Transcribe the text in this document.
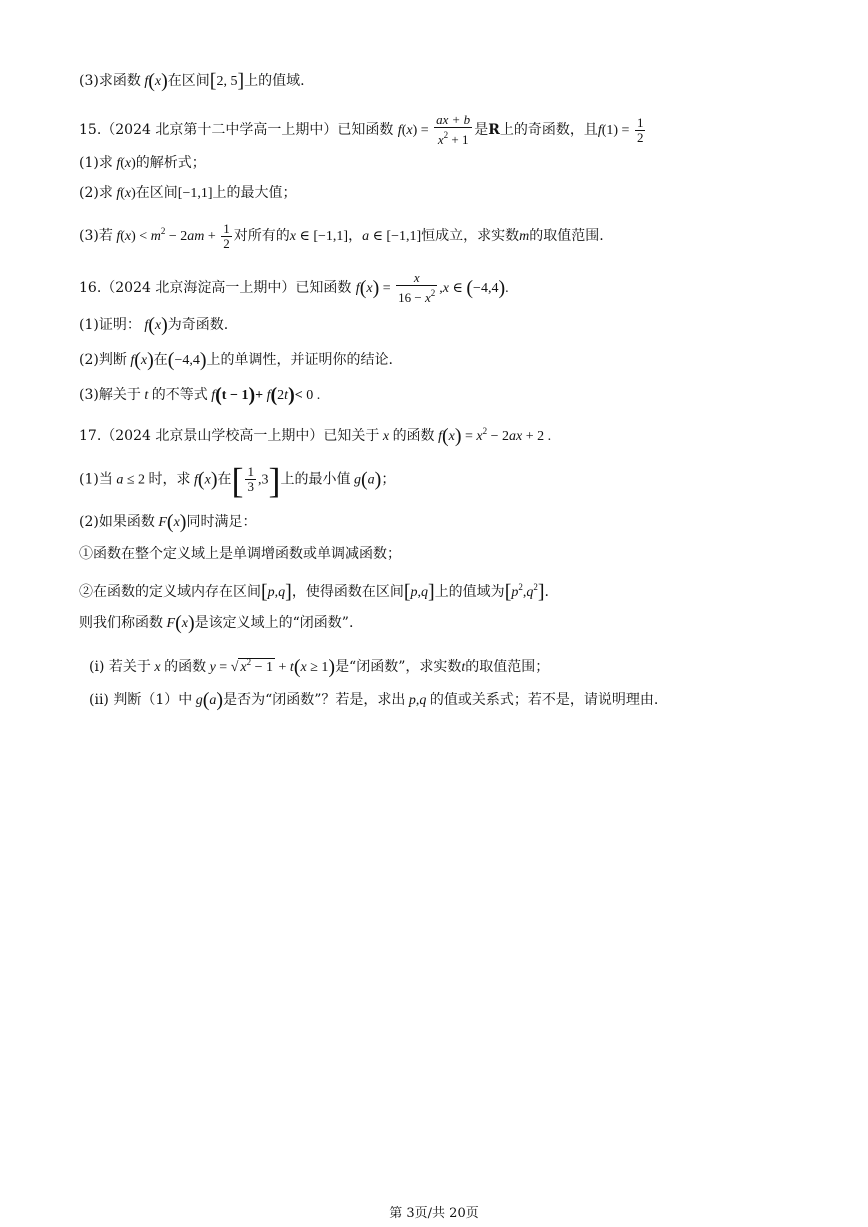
(3)求函数 f(x)在区间[2, 5]上的值域.
15.（2024 北京第十二中学高一上期中）已知函数 $f(x) = \frac{ax + b}{x^2 + 1}$ 是R上的奇函数，且$f(1) = \frac{1}{2}$
(1)求 f(x)的解析式；
(2)求 f(x)在区间[−1,1]上的最大值；
(3)若 $f(x) < m^2 - 2am + \frac{1}{2}$ 对所有的x ∈ [−1,1]，a ∈ [−1,1]恒成立，求实数m的取值范围.
16.（2024 北京海淀高一上期中）已知函数 $f(x) = \frac{x}{16 - x^2} ,x$ ∈ (−4,4).
(1)证明： f(x)为奇函数.
(2)判断 f(x)在(−4,4)上的单调性，并证明你的结论.
(3)解关于 t 的不等式 f(t − 1)+ f(2t)< 0 .
17.（2024 北京景山学校高一上期中）已知关于 x 的函数 $f(x) = x^2 - 2ax + 2$ .
(1)当 a ≤ 2 时，求 f(x)在[ $\frac{1}{3} ,3$]上的最小值 g(a)；
(2)如果函数 F(x)同时满足：
①函数在整个定义域上是单调增函数或单调减函数；
②在函数的定义域内存在区间[p,q]，使得函数在区间[p,q]上的值域为$[p^2,q^2]$.
则我们称函数 F(x)是该定义域上的“闭函数”.
(i) 若关于 x 的函数 y = √ $x^2 - 1 + t(x \ge 1)$是“闭函数”，求实数t的取值范围；
(ii) 判断（1）中 g(a)是否为“闭函数”？若是，求出 p,q 的值或关系式；若不是，请说明理由.
第 3页/共 20页
